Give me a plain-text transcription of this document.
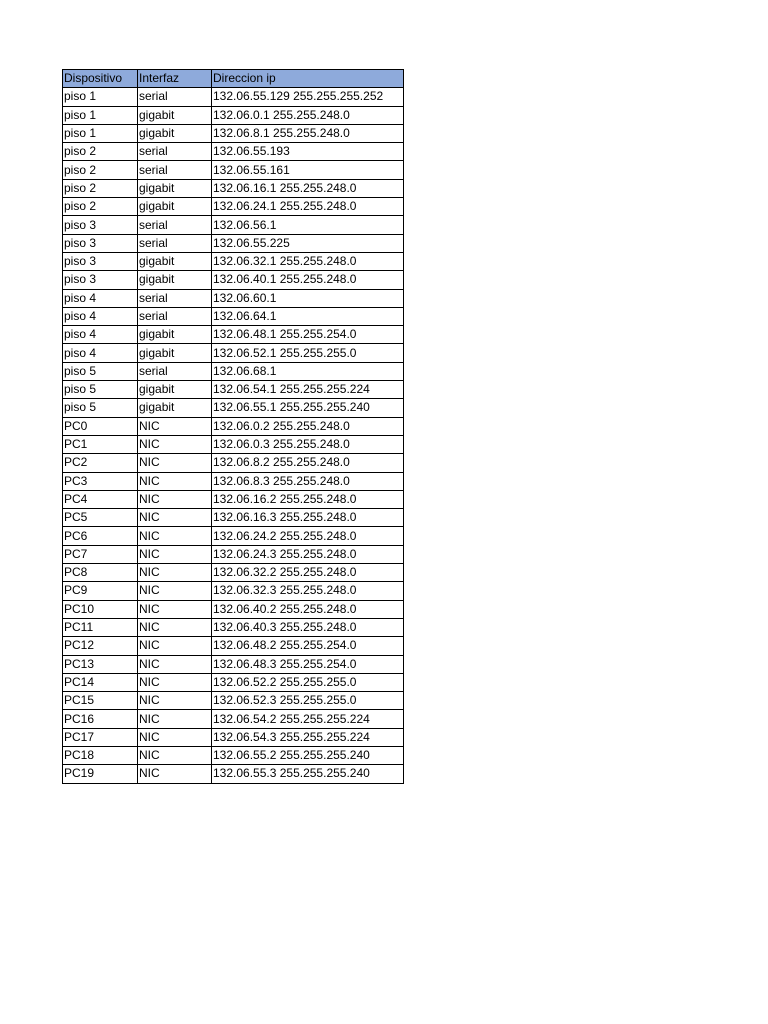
Dispositivo	Interfaz	Direccion ip
piso 1	serial	132.06.55.129 255.255.255.252
piso 1	gigabit	132.06.0.1 255.255.248.0
piso 1	gigabit	132.06.8.1 255.255.248.0
piso 2	serial	132.06.55.193
piso 2	serial	132.06.55.161
piso 2	gigabit	132.06.16.1 255.255.248.0
piso 2	gigabit	132.06.24.1 255.255.248.0
piso 3	serial	132.06.56.1
piso 3	serial	132.06.55.225
piso 3	gigabit	132.06.32.1 255.255.248.0
piso 3	gigabit	132.06.40.1 255.255.248.0
piso 4	serial	132.06.60.1
piso 4	serial	132.06.64.1
piso 4	gigabit	132.06.48.1 255.255.254.0
piso 4	gigabit	132.06.52.1 255.255.255.0
piso 5	serial	132.06.68.1
piso 5	gigabit	132.06.54.1 255.255.255.224
piso 5	gigabit	132.06.55.1 255.255.255.240
PC0	NIC	132.06.0.2 255.255.248.0
PC1	NIC	132.06.0.3 255.255.248.0
PC2	NIC	132.06.8.2 255.255.248.0
PC3	NIC	132.06.8.3 255.255.248.0
PC4	NIC	132.06.16.2 255.255.248.0
PC5	NIC	132.06.16.3 255.255.248.0
PC6	NIC	132.06.24.2 255.255.248.0
PC7	NIC	132.06.24.3 255.255.248.0
PC8	NIC	132.06.32.2 255.255.248.0
PC9	NIC	132.06.32.3 255.255.248.0
PC10	NIC	132.06.40.2 255.255.248.0
PC11	NIC	132.06.40.3 255.255.248.0
PC12	NIC	132.06.48.2 255.255.254.0
PC13	NIC	132.06.48.3 255.255.254.0
PC14	NIC	132.06.52.2 255.255.255.0
PC15	NIC	132.06.52.3 255.255.255.0
PC16	NIC	132.06.54.2 255.255.255.224
PC17	NIC	132.06.54.3 255.255.255.224
PC18	NIC	132.06.55.2 255.255.255.240
PC19	NIC	132.06.55.3 255.255.255.240
